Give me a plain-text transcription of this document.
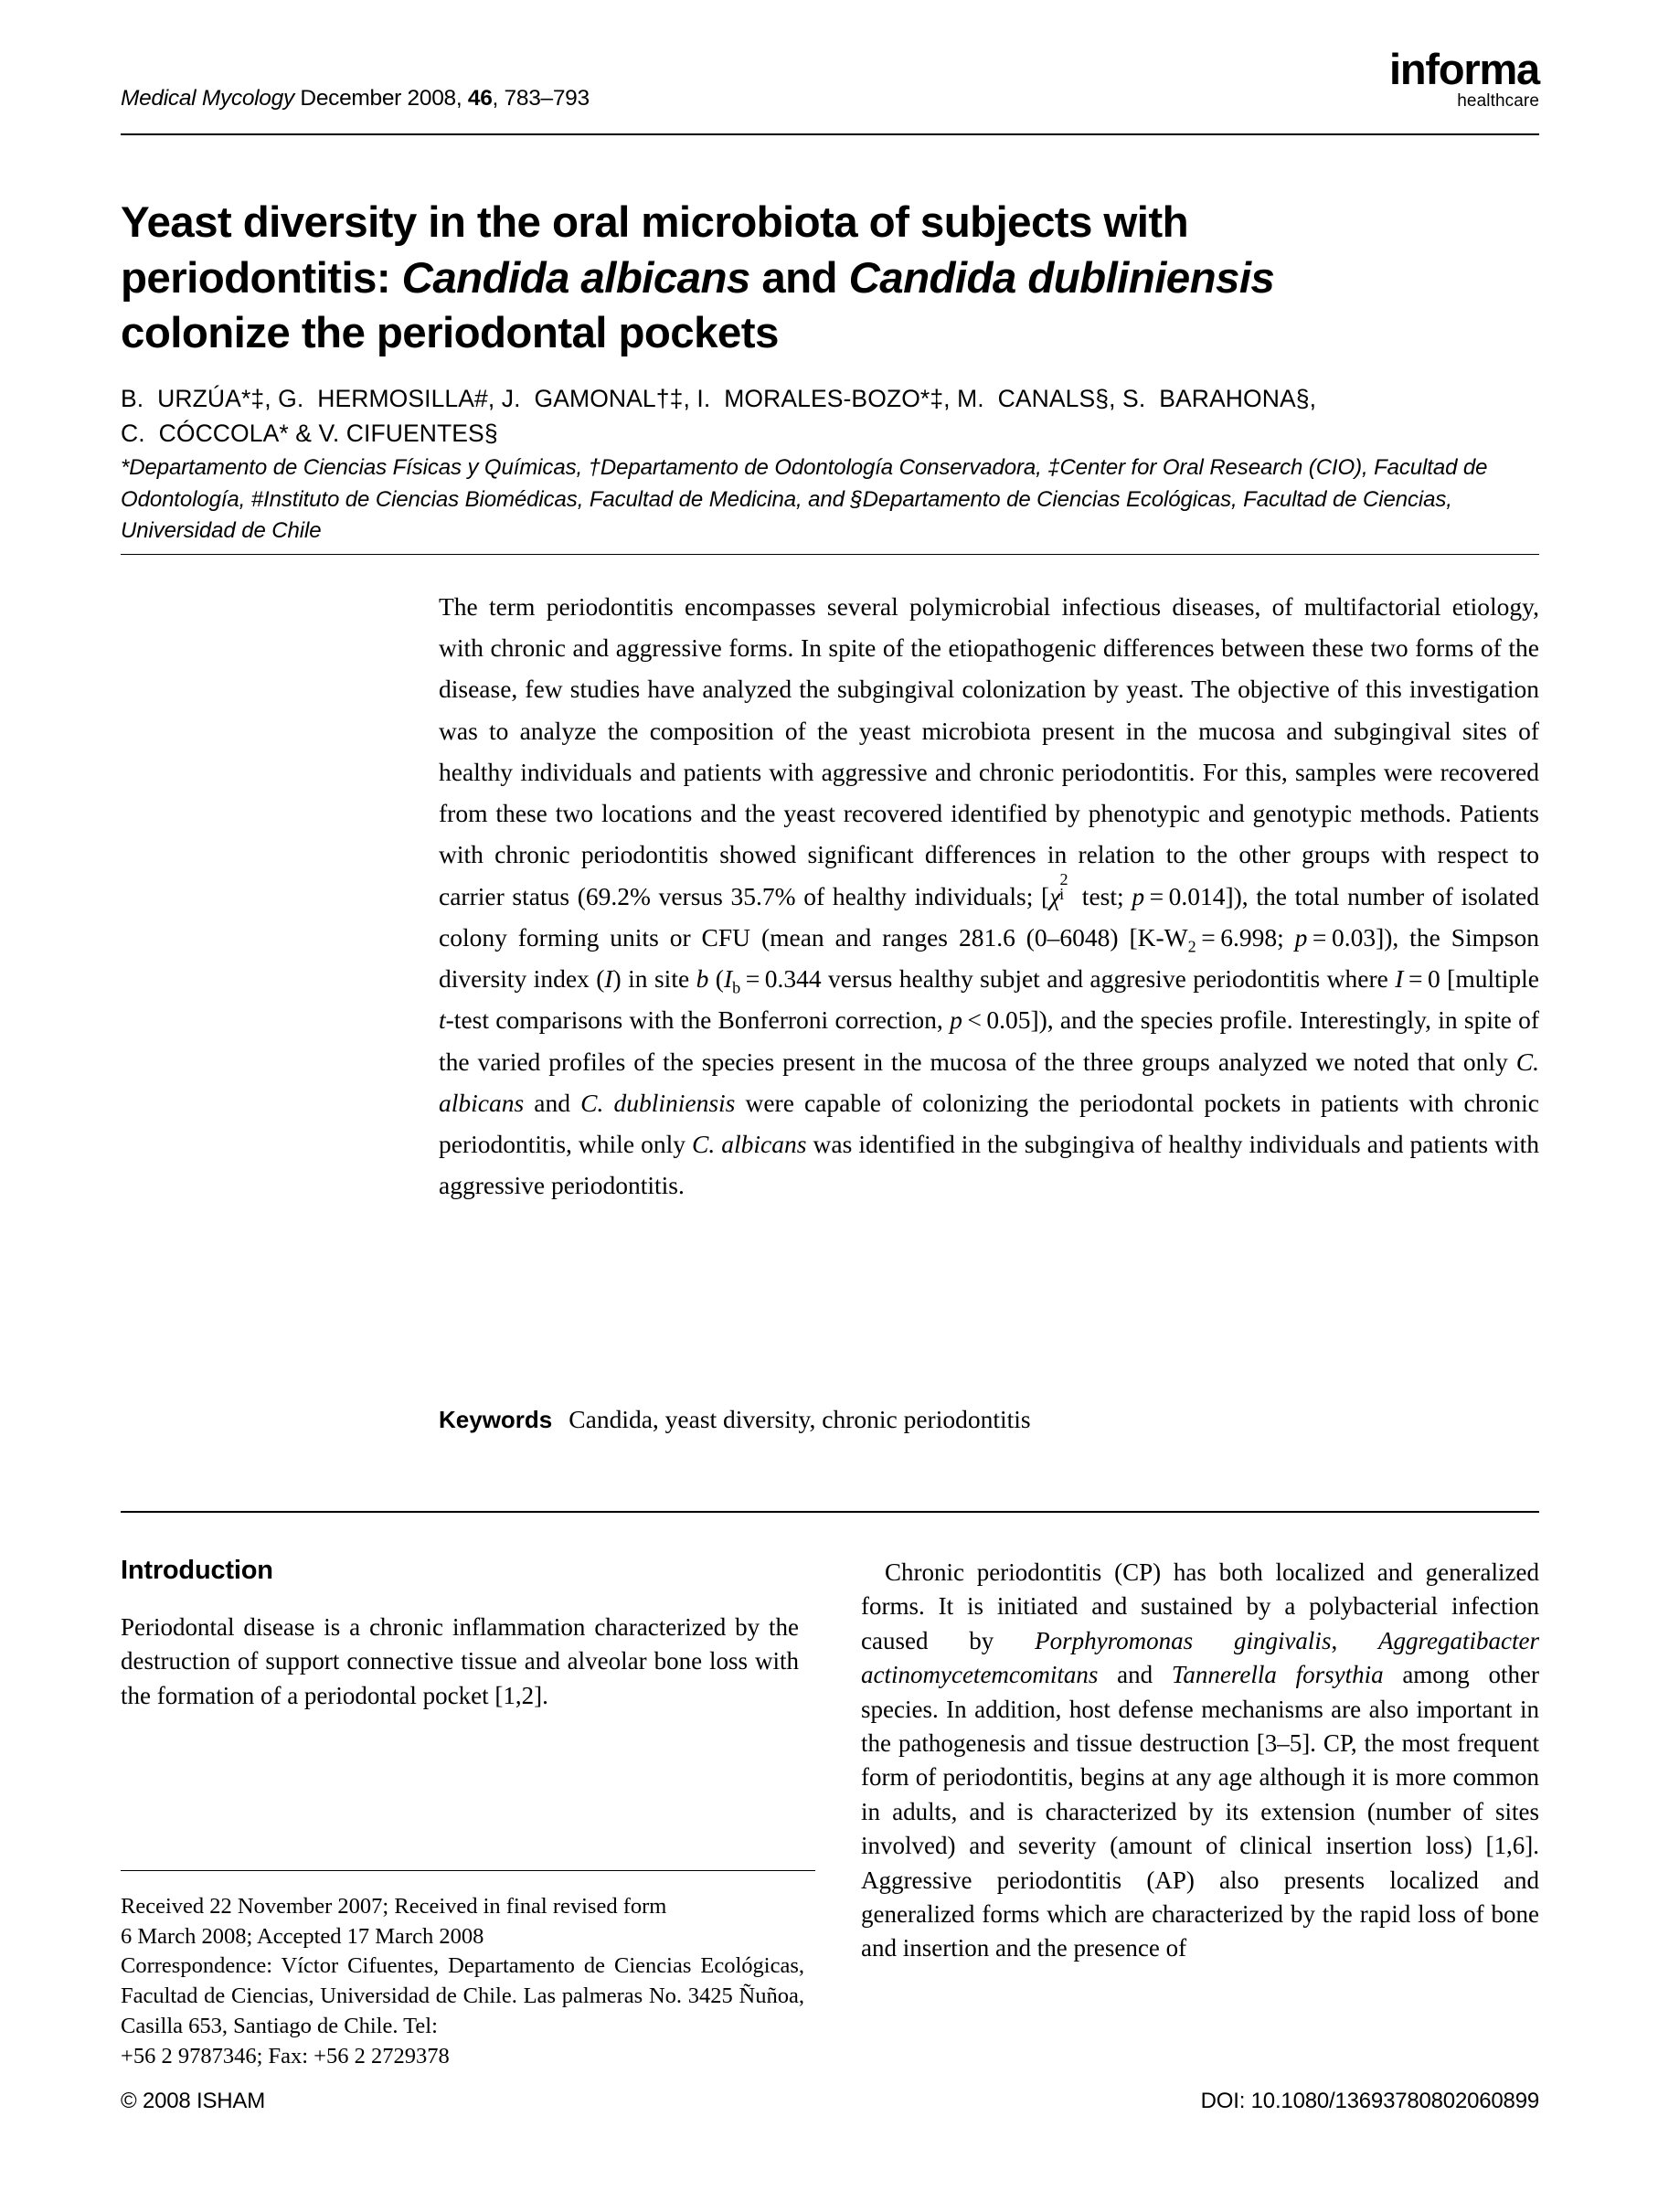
Medical Mycology December 2008, 46, 783–793
informa
healthcare
Yeast diversity in the oral microbiota of subjects with
periodontitis: Candida albicans and Candida dubliniensis
colonize the periodontal pockets
B.  URZÚA*‡, G.  HERMOSILLA#, J.  GAMONAL†‡, I.  MORALES-BOZO*‡, M.  CANALS§, S.  BARAHONA§,
C.  CÓCCOLA* & V. CIFUENTES§
*Departamento de Ciencias Físicas y Químicas, †Departamento de Odontología Conservadora, ‡Center for Oral Research (CIO), Facultad de Odontología, #Instituto de Ciencias Biomédicas, Facultad de Medicina, and §Departamento de Ciencias Ecológicas, Facultad de Ciencias, Universidad de Chile
The term periodontitis encompasses several polymicrobial infectious diseases, of multifactorial etiology, with chronic and aggressive forms. In spite of the etiopathogenic differences between these two forms of the disease, few studies have analyzed the subgingival colonization by yeast. The objective of this investigation was to analyze the composition of the yeast microbiota present in the mucosa and subgingival sites of healthy individuals and patients with aggressive and chronic periodontitis. For this, samples were recovered from these two locations and the yeast recovered identified by phenotypic and genotypic methods. Patients with chronic periodontitis showed significant differences in relation to the other groups with respect to carrier status (69.2% versus 35.7% of healthy individuals; [χ
2
i test; p = 0.014]), the total number of isolated colony forming units or CFU (mean and ranges 281.6 (0–6048) [$K-W_2 = 6.998$; p = 0.03]), the Simpson diversity index (I) in site b ($I_b = 0.344$ versus healthy subjet and aggresive periodontitis where I = 0 [multiple t-test comparisons with the Bonferroni correction, p < 0.05]), and the species profile. Interestingly, in spite of the varied profiles of the species present in the mucosa of the three groups analyzed we noted that only C. albicans and C. dubliniensis were capable of colonizing the periodontal pockets in patients with chronic periodontitis, while only C. albicans was identified in the subgingiva of healthy individuals and patients with aggressive periodontitis.
Keywords Candida, yeast diversity, chronic periodontitis
Introduction

Periodontal disease is a chronic inflammation characterized by the destruction of support connective tissue and alveolar bone loss with the formation of a periodontal pocket [1,2].

Chronic periodontitis (CP) has both localized and generalized forms. It is initiated and sustained by a polybacterial infection caused by Porphyromonas gingivalis, Aggregatibacter actinomycetemcomitans and Tannerella forsythia among other species. In addition, host defense mechanisms are also important in the pathogenesis and tissue destruction [3–5]. CP, the most frequent form of periodontitis, begins at any age although it is more common in adults, and is characterized by its extension (number of sites involved) and severity (amount of clinical insertion loss) [1,6]. Aggressive periodontitis (AP) also presents localized and generalized forms which are characterized by the rapid loss of bone and insertion and the presence of

Received 22 November 2007; Received in final revised form
6 March 2008; Accepted 17 March 2008
Correspondence: Víctor Cifuentes, Departamento de Ciencias Ecológicas, Facultad de Ciencias, Universidad de Chile. Las palmeras No. 3425 Ñuñoa, Casilla 653, Santiago de Chile. Tel:
+56 2 9787346; Fax: +56 2 2729378
© 2008 ISHAM	DOI: 10.1080/13693780802060899
